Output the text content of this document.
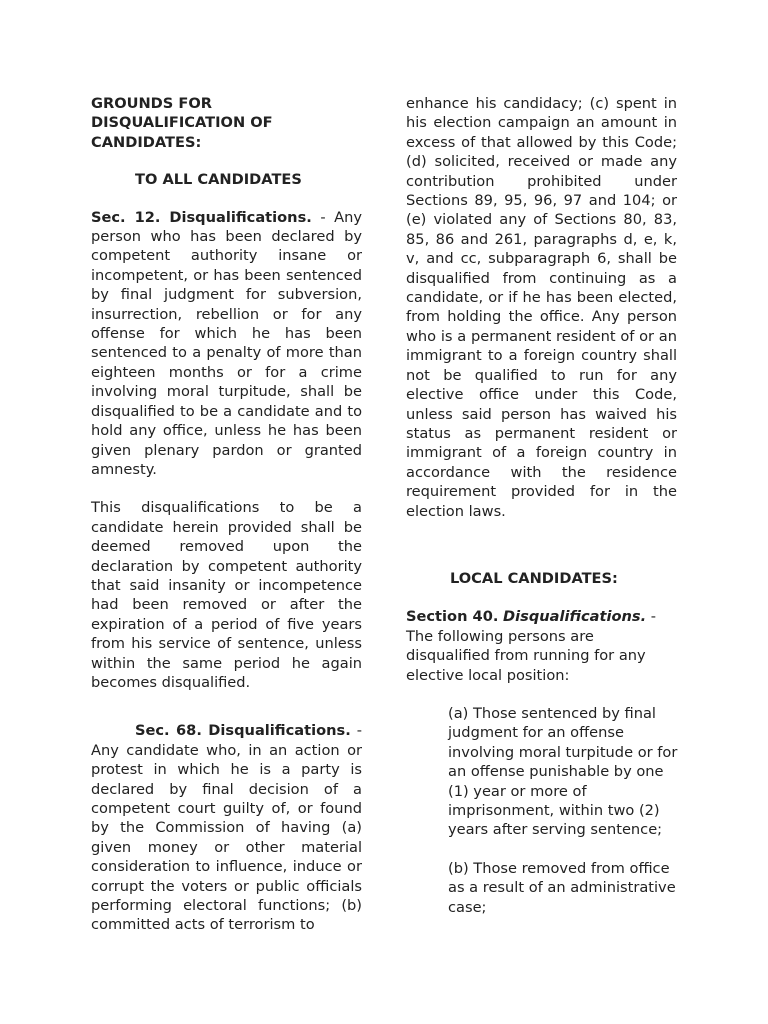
GROUNDS FOR DISQUALIFICATION OF CANDIDATES:

TO ALL CANDIDATES

Sec. 12. Disqualifications. - Any person who has been declared by competent authority insane or incompetent, or has been sentenced by final judgment for subversion, insurrection, rebellion or for any offense for which he has been sentenced to a penalty of more than eighteen months or for a crime involving moral turpitude, shall be disqualified to be a candidate and to hold any office, unless he has been given plenary pardon or granted amnesty.

This disqualifications to be a candidate herein provided shall be deemed removed upon the declaration by competent authority that said insanity or incompetence had been removed or after the expiration of a period of five years from his service of sentence, unless within the same period he again becomes disqualified.

Sec. 68. Disqualifications. - Any candidate who, in an action or protest in which he is a party is declared by final decision of a competent court guilty of, or found by the Commission of having (a) given money or other material consideration to influence, induce or corrupt the voters or public officials performing electoral functions; (b) committed acts of terrorism to

enhance his candidacy; (c) spent in his election campaign an amount in excess of that allowed by this Code; (d) solicited, received or made any contribution prohibited under Sections 89, 95, 96, 97 and 104; or (e) violated any of Sections 80, 83, 85, 86 and 261, paragraphs d, e, k, v, and cc, subparagraph 6, shall be disqualified from continuing as a candidate, or if he has been elected, from holding the office. Any person who is a permanent resident of or an immigrant to a foreign country shall not be qualified to run for any elective office under this Code, unless said person has waived his status as permanent resident or immigrant of a foreign country in accordance with the residence requirement provided for in the election laws.

LOCAL CANDIDATES:

Section 40. Disqualifications. - The following persons are disqualified from running for any elective local position:

(a) Those sentenced by final judgment for an offense involving moral turpitude or for an offense punishable by one (1) year or more of imprisonment, within two (2) years after serving sentence;

(b) Those removed from office as a result of an administrative case;
